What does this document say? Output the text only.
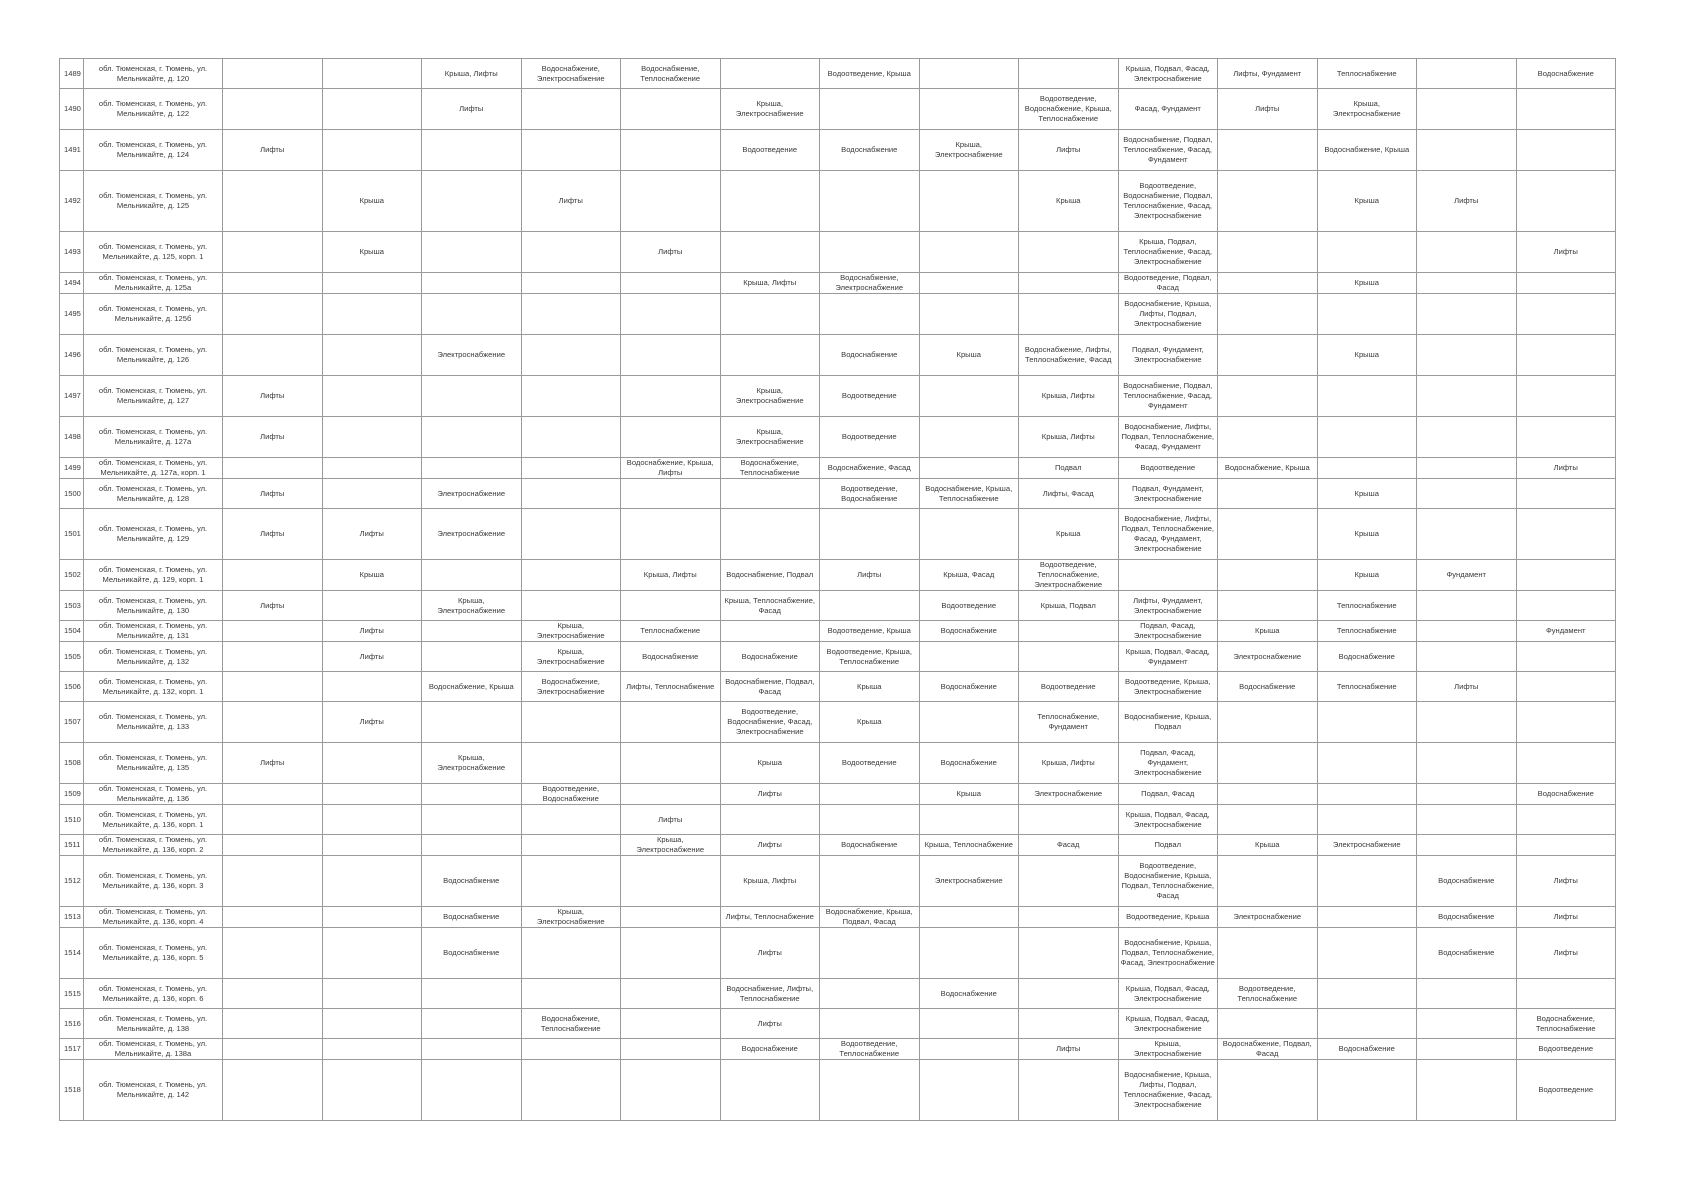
1489	обл. Тюменская, г. Тюмень, ул. Мельникайте, д. 120			Крыша, Лифты	Водоснабжение, Электроснабжение	Водоснабжение, Теплоснабжение		Водоотведение, Крыша			Крыша, Подвал, Фасад, Электроснабжение	Лифты, Фундамент	Теплоснабжение		Водоснабжение
1490	обл. Тюменская, г. Тюмень, ул. Мельникайте, д. 122			Лифты			Крыша, Электроснабжение			Водоотведение, Водоснабжение, Крыша, Теплоснабжение	Фасад, Фундамент	Лифты	Крыша, Электроснабжение		
1491	обл. Тюменская, г. Тюмень, ул. Мельникайте, д. 124	Лифты					Водоотведение	Водоснабжение	Крыша, Электроснабжение	Лифты	Водоснабжение, Подвал, Теплоснабжение, Фасад, Фундамент		Водоснабжение, Крыша		
1492	обл. Тюменская, г. Тюмень, ул. Мельникайте, д. 125		Крыша		Лифты					Крыша	Водоотведение, Водоснабжение, Подвал, Теплоснабжение, Фасад, Электроснабжение		Крыша	Лифты	
1493	обл. Тюменская, г. Тюмень, ул. Мельникайте, д. 125, корп. 1		Крыша			Лифты					Крыша, Подвал, Теплоснабжение, Фасад, Электроснабжение				Лифты
1494	обл. Тюменская, г. Тюмень, ул. Мельникайте, д. 125а						Крыша, Лифты	Водоснабжение, Электроснабжение			Водоотведение, Подвал, Фасад		Крыша		
1495	обл. Тюменская, г. Тюмень, ул. Мельникайте, д. 125б										Водоснабжение, Крыша, Лифты, Подвал, Электроснабжение				
1496	обл. Тюменская, г. Тюмень, ул. Мельникайте, д. 126			Электроснабжение				Водоснабжение	Крыша	Водоснабжение, Лифты, Теплоснабжение, Фасад	Подвал, Фундамент, Электроснабжение		Крыша		
1497	обл. Тюменская, г. Тюмень, ул. Мельникайте, д. 127	Лифты					Крыша, Электроснабжение	Водоотведение		Крыша, Лифты	Водоснабжение, Подвал, Теплоснабжение, Фасад, Фундамент				
1498	обл. Тюменская, г. Тюмень, ул. Мельникайте, д. 127а	Лифты					Крыша, Электроснабжение	Водоотведение		Крыша, Лифты	Водоснабжение, Лифты, Подвал, Теплоснабжение, Фасад, Фундамент				
1499	обл. Тюменская, г. Тюмень, ул. Мельникайте, д. 127а, корп. 1					Водоснабжение, Крыша, Лифты	Водоснабжение, Теплоснабжение	Водоснабжение, Фасад		Подвал	Водоотведение	Водоснабжение, Крыша			Лифты
1500	обл. Тюменская, г. Тюмень, ул. Мельникайте, д. 128	Лифты		Электроснабжение				Водоотведение, Водоснабжение	Водоснабжение, Крыша, Теплоснабжение	Лифты, Фасад	Подвал, Фундамент, Электроснабжение		Крыша		
1501	обл. Тюменская, г. Тюмень, ул. Мельникайте, д. 129	Лифты	Лифты	Электроснабжение						Крыша	Водоснабжение, Лифты, Подвал, Теплоснабжение, Фасад, Фундамент, Электроснабжение		Крыша		
1502	обл. Тюменская, г. Тюмень, ул. Мельникайте, д. 129, корп. 1		Крыша			Крыша, Лифты	Водоснабжение, Подвал	Лифты	Крыша, Фасад	Водоотведение, Теплоснабжение, Электроснабжение			Крыша	Фундамент	
1503	обл. Тюменская, г. Тюмень, ул. Мельникайте, д. 130	Лифты		Крыша, Электроснабжение			Крыша, Теплоснабжение, Фасад		Водоотведение	Крыша, Подвал	Лифты, Фундамент, Электроснабжение		Теплоснабжение		
1504	обл. Тюменская, г. Тюмень, ул. Мельникайте, д. 131		Лифты		Крыша, Электроснабжение	Теплоснабжение		Водоотведение, Крыша	Водоснабжение		Подвал, Фасад, Электроснабжение	Крыша	Теплоснабжение		Фундамент
1505	обл. Тюменская, г. Тюмень, ул. Мельникайте, д. 132		Лифты		Крыша, Электроснабжение	Водоснабжение	Водоснабжение	Водоотведение, Крыша, Теплоснабжение			Крыша, Подвал, Фасад, Фундамент	Электроснабжение	Водоснабжение		
1506	обл. Тюменская, г. Тюмень, ул. Мельникайте, д. 132, корп. 1			Водоснабжение, Крыша	Водоснабжение, Электроснабжение	Лифты, Теплоснабжение	Водоснабжение, Подвал, Фасад	Крыша	Водоснабжение	Водоотведение	Водоотведение, Крыша, Электроснабжение	Водоснабжение	Теплоснабжение	Лифты	
1507	обл. Тюменская, г. Тюмень, ул. Мельникайте, д. 133		Лифты				Водоотведение, Водоснабжение, Фасад, Электроснабжение	Крыша		Теплоснабжение, Фундамент	Водоснабжение, Крыша, Подвал				
1508	обл. Тюменская, г. Тюмень, ул. Мельникайте, д. 135	Лифты		Крыша, Электроснабжение			Крыша	Водоотведение	Водоснабжение	Крыша, Лифты	Подвал, Фасад, Фундамент, Электроснабжение				
1509	обл. Тюменская, г. Тюмень, ул. Мельникайте, д. 136				Водоотведение, Водоснабжение		Лифты		Крыша	Электроснабжение	Подвал, Фасад				Водоснабжение
1510	обл. Тюменская, г. Тюмень, ул. Мельникайте, д. 136, корп. 1					Лифты					Крыша, Подвал, Фасад, Электроснабжение				
1511	обл. Тюменская, г. Тюмень, ул. Мельникайте, д. 136, корп. 2					Крыша, Электроснабжение	Лифты	Водоснабжение	Крыша, Теплоснабжение	Фасад	Подвал	Крыша	Электроснабжение		
1512	обл. Тюменская, г. Тюмень, ул. Мельникайте, д. 136, корп. 3			Водоснабжение			Крыша, Лифты		Электроснабжение		Водоотведение, Водоснабжение, Крыша, Подвал, Теплоснабжение, Фасад			Водоснабжение	Лифты
1513	обл. Тюменская, г. Тюмень, ул. Мельникайте, д. 136, корп. 4			Водоснабжение	Крыша, Электроснабжение		Лифты, Теплоснабжение	Водоснабжение, Крыша, Подвал, Фасад			Водоотведение, Крыша	Электроснабжение		Водоснабжение	Лифты
1514	обл. Тюменская, г. Тюмень, ул. Мельникайте, д. 136, корп. 5			Водоснабжение			Лифты				Водоснабжение, Крыша, Подвал, Теплоснабжение, Фасад, Электроснабжение			Водоснабжение	Лифты
1515	обл. Тюменская, г. Тюмень, ул. Мельникайте, д. 136, корп. 6						Водоснабжение, Лифты, Теплоснабжение		Водоснабжение		Крыша, Подвал, Фасад, Электроснабжение	Водоотведение, Теплоснабжение			
1516	обл. Тюменская, г. Тюмень, ул. Мельникайте, д. 138				Водоснабжение, Теплоснабжение		Лифты				Крыша, Подвал, Фасад, Электроснабжение				Водоснабжение, Теплоснабжение
1517	обл. Тюменская, г. Тюмень, ул. Мельникайте, д. 138а						Водоснабжение	Водоотведение, Теплоснабжение		Лифты	Крыша, Электроснабжение	Водоснабжение, Подвал, Фасад	Водоснабжение		Водоотведение
1518	обл. Тюменская, г. Тюмень, ул. Мельникайте, д. 142										Водоснабжение, Крыша, Лифты, Подвал, Теплоснабжение, Фасад, Электроснабжение				Водоотведение
